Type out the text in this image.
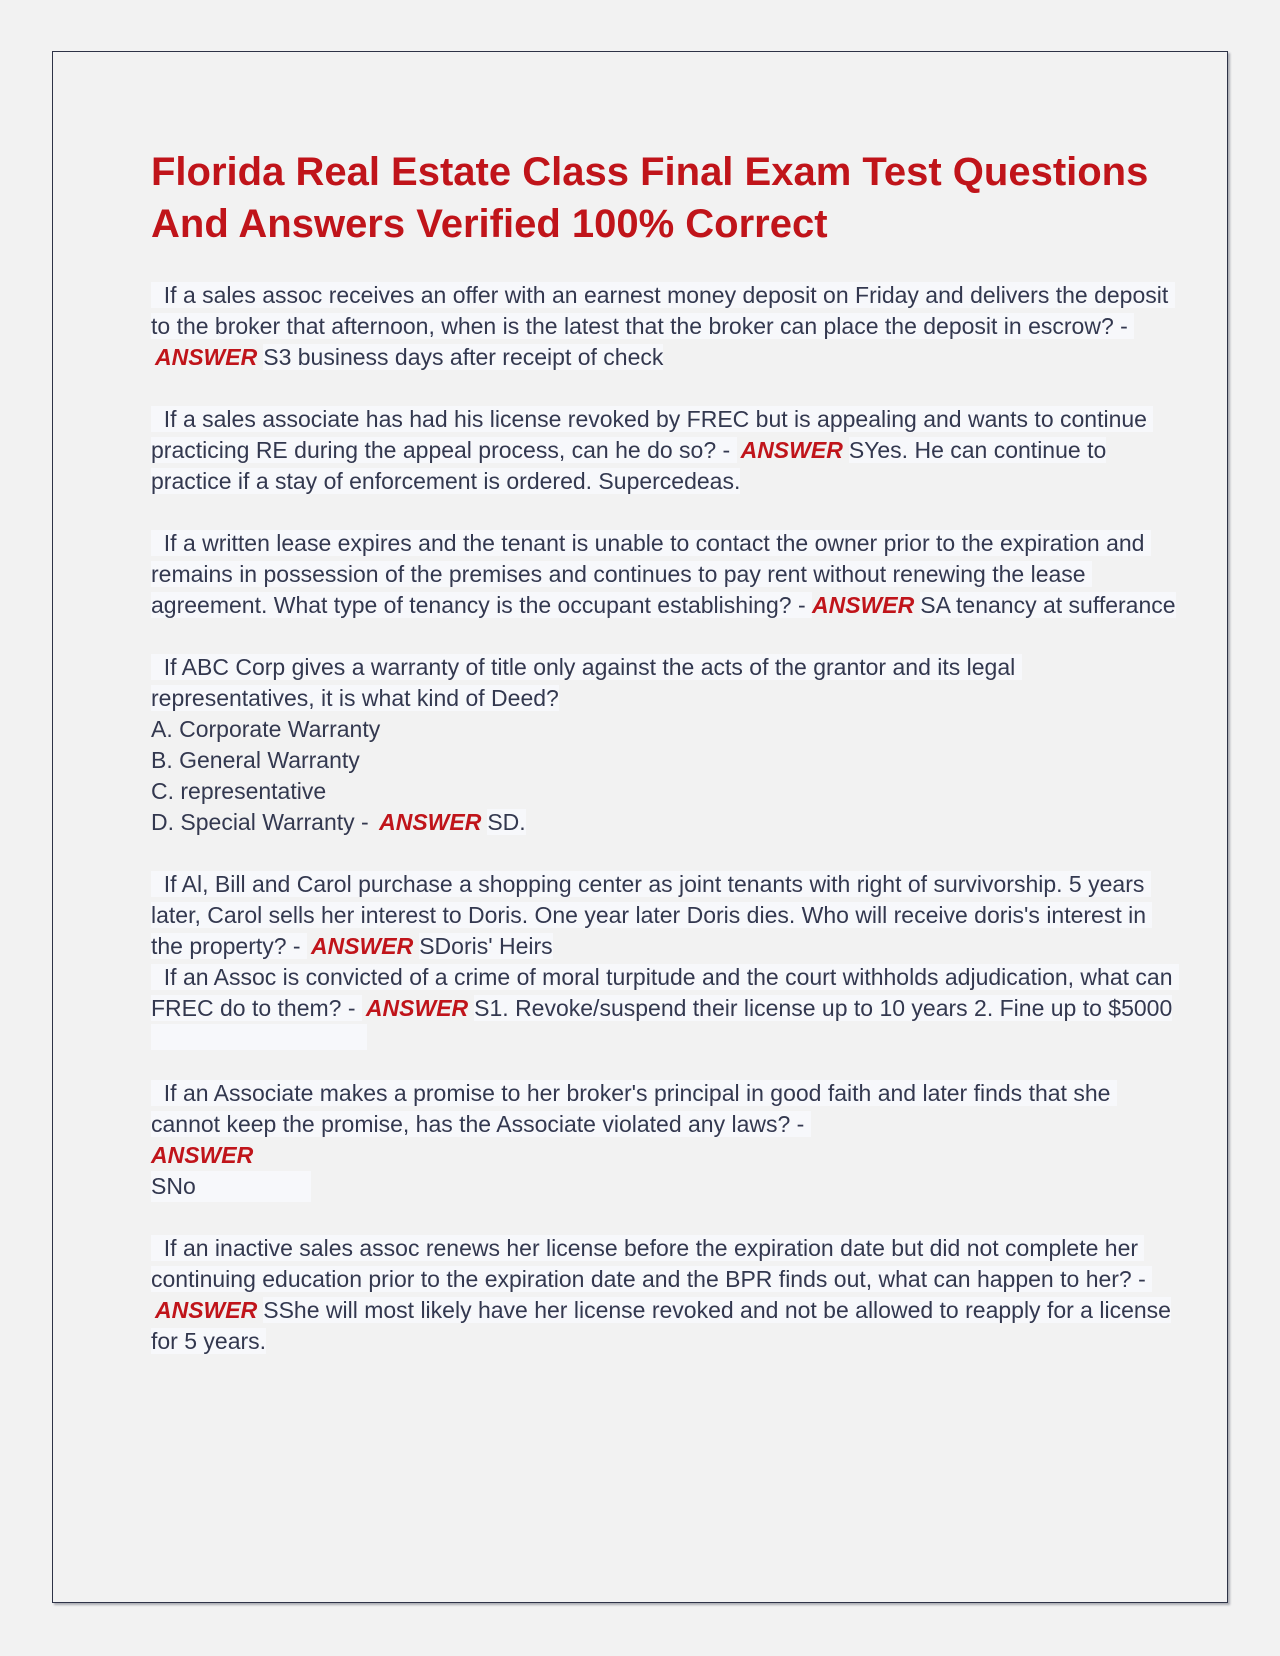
Florida Real Estate Class Final Exam Test Questions And Answers Verified 100% Correct
If a sales assoc receives an offer with an earnest money deposit on Friday and delivers the deposit to the broker that afternoon, when is the latest that the broker can place the deposit in escrow? - ANSWER S3 business days after receipt of check
If a sales associate has had his license revoked by FREC but is appealing and wants to continue practicing RE during the appeal process, can he do so? - ANSWER SYes. He can continue to practice if a stay of enforcement is ordered. Supercedeas.
If a written lease expires and the tenant is unable to contact the owner prior to the expiration and remains in possession of the premises and continues to pay rent without renewing the lease agreement. What type of tenancy is the occupant establishing? - ANSWER SA tenancy at sufferance
If ABC Corp gives a warranty of title only against the acts of the grantor and its legal representatives, it is what kind of Deed?
A. Corporate Warranty
B. General Warranty
C. representative
D. Special Warranty - ANSWER SD.
If Al, Bill and Carol purchase a shopping center as joint tenants with right of survivorship. 5 years later, Carol sells her interest to Doris. One year later Doris dies. Who will receive doris's interest in the property? - ANSWER SDoris' Heirs
If an Assoc is convicted of a crime of moral turpitude and the court withholds adjudication, what can FREC do to them? - ANSWER S1. Revoke/suspend their license up to 10 years 2. Fine up to $5000
If an Associate makes a promise to her broker's principal in good faith and later finds that she cannot keep the promise, has the Associate violated any laws? -
ANSWER
SNo
If an inactive sales assoc renews her license before the expiration date but did not complete her continuing education prior to the expiration date and the BPR finds out, what can happen to her? - ANSWER SShe will most likely have her license revoked and not be allowed to reapply for a license for 5 years.
